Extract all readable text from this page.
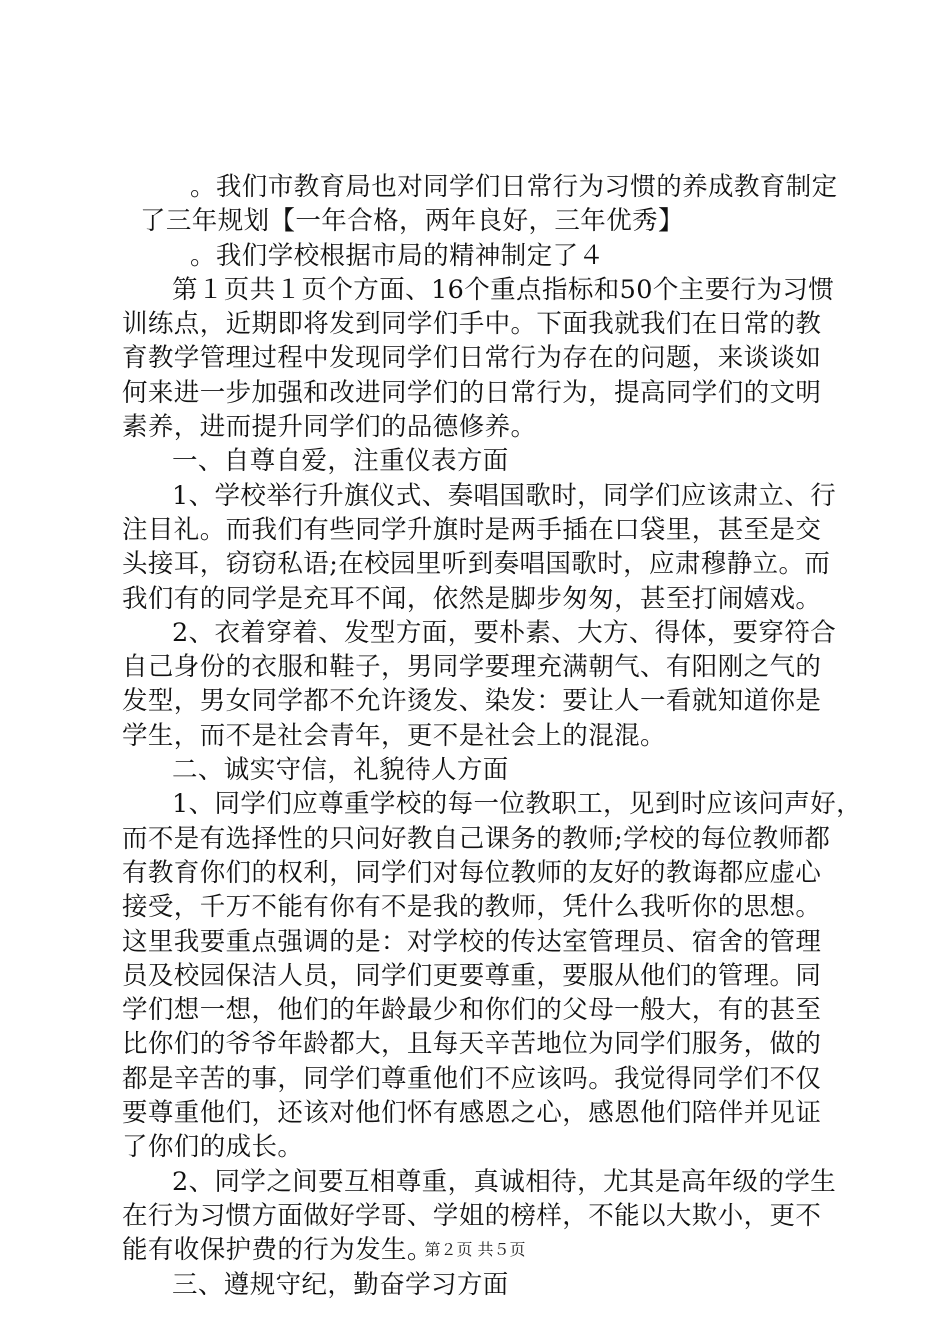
。我们市教育局也对同学们日常行为习惯的养成教育制定
了三年规划【一年合格，两年良好，三年优秀】
。我们学校根据市局的精神制定了４
第１页共１页个方面、16个重点指标和50个主要行为习惯
训练点，近期即将发到同学们手中。下面我就我们在日常的教
育教学管理过程中发现同学们日常行为存在的问题，来谈谈如
何来进一步加强和改进同学们的日常行为，提高同学们的文明
素养，进而提升同学们的品德修养。
一、自尊自爱，注重仪表方面
1、学校举行升旗仪式、奏唱国歌时，同学们应该肃立、行
注目礼。而我们有些同学升旗时是两手插在口袋里，甚至是交
头接耳，窃窃私语;在校园里听到奏唱国歌时，应肃穆静立。而
我们有的同学是充耳不闻，依然是脚步匆匆，甚至打闹嬉戏。
2、衣着穿着、发型方面，要朴素、大方、得体，要穿符合
自己身份的衣服和鞋子，男同学要理充满朝气、有阳刚之气的
发型，男女同学都不允许烫发、染发：要让人一看就知道你是
学生，而不是社会青年，更不是社会上的混混。
二、诚实守信，礼貌待人方面
1、同学们应尊重学校的每一位教职工，见到时应该问声好，
而不是有选择性的只问好教自己课务的教师;学校的每位教师都
有教育你们的权利，同学们对每位教师的友好的教诲都应虚心
接受，千万不能有你有不是我的教师，凭什么我听你的思想。
这里我要重点强调的是：对学校的传达室管理员、宿舍的管理
员及校园保洁人员，同学们更要尊重，要服从他们的管理。同
学们想一想，他们的年龄最少和你们的父母一般大，有的甚至
比你们的爷爷年龄都大，且每天辛苦地位为同学们服务，做的
都是辛苦的事，同学们尊重他们不应该吗。我觉得同学们不仅
要尊重他们，还该对他们怀有感恩之心，感恩他们陪伴并见证
了你们的成长。
2、同学之间要互相尊重，真诚相待，尤其是高年级的学生
在行为习惯方面做好学哥、学姐的榜样，不能以大欺小，更不
能有收保护费的行为发生。
三、遵规守纪，勤奋学习方面
第２页 共５页
